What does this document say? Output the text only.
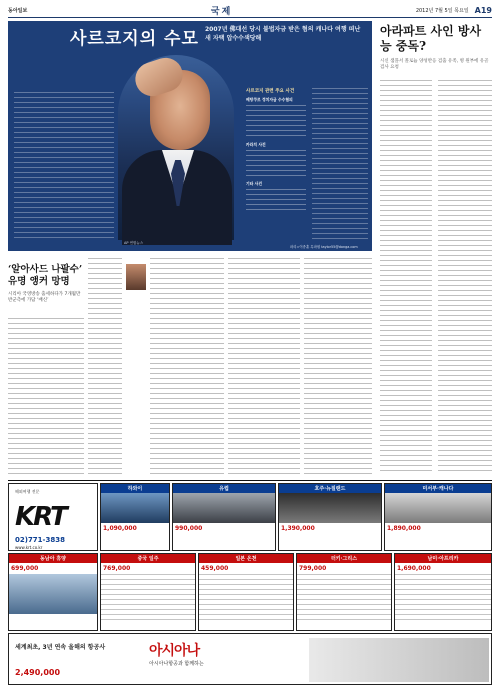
동아일보	국제	2012년 7월 5일 목요일 A19
사르코지의 수모 2007년 佛대선 당시 불법자금 받은 혐의 캐나다 여행 떠난새 자택 압수수색당해
AP 연합뉴스
사르코지 관련 주요 사건
베탕쿠르 정치자금 수수혐의
카라치 사건
기타 사건
파리=이종훈 특파원 taylor55@donga.com
아라파트 사인 방사능 중독?
시신 샘플서 폴로늄 양성반응 검출 유족, 병 원부에 유골검사 요청
‘알아사드 나팔수’ 유명 앵커 망명
시리아 국영방송 출세하다가 7개월만 반군측에 가담 ‘배신’
해외여행 전문
KRT
02)771-3838
www.krt.co.kr
하와이
1,090,000
유럽
990,000
호주·뉴질랜드
1,390,000
미서부·캐나다
1,890,000
동남아 휴양
699,000
중국 일주
769,000
일본 온천
459,000
터키·그리스
799,000
남미·아프리카
1,690,000
세계최초, 3년 연속 올해의 항공사	아시아나
아시아나항공과 함께하는
2,490,000
